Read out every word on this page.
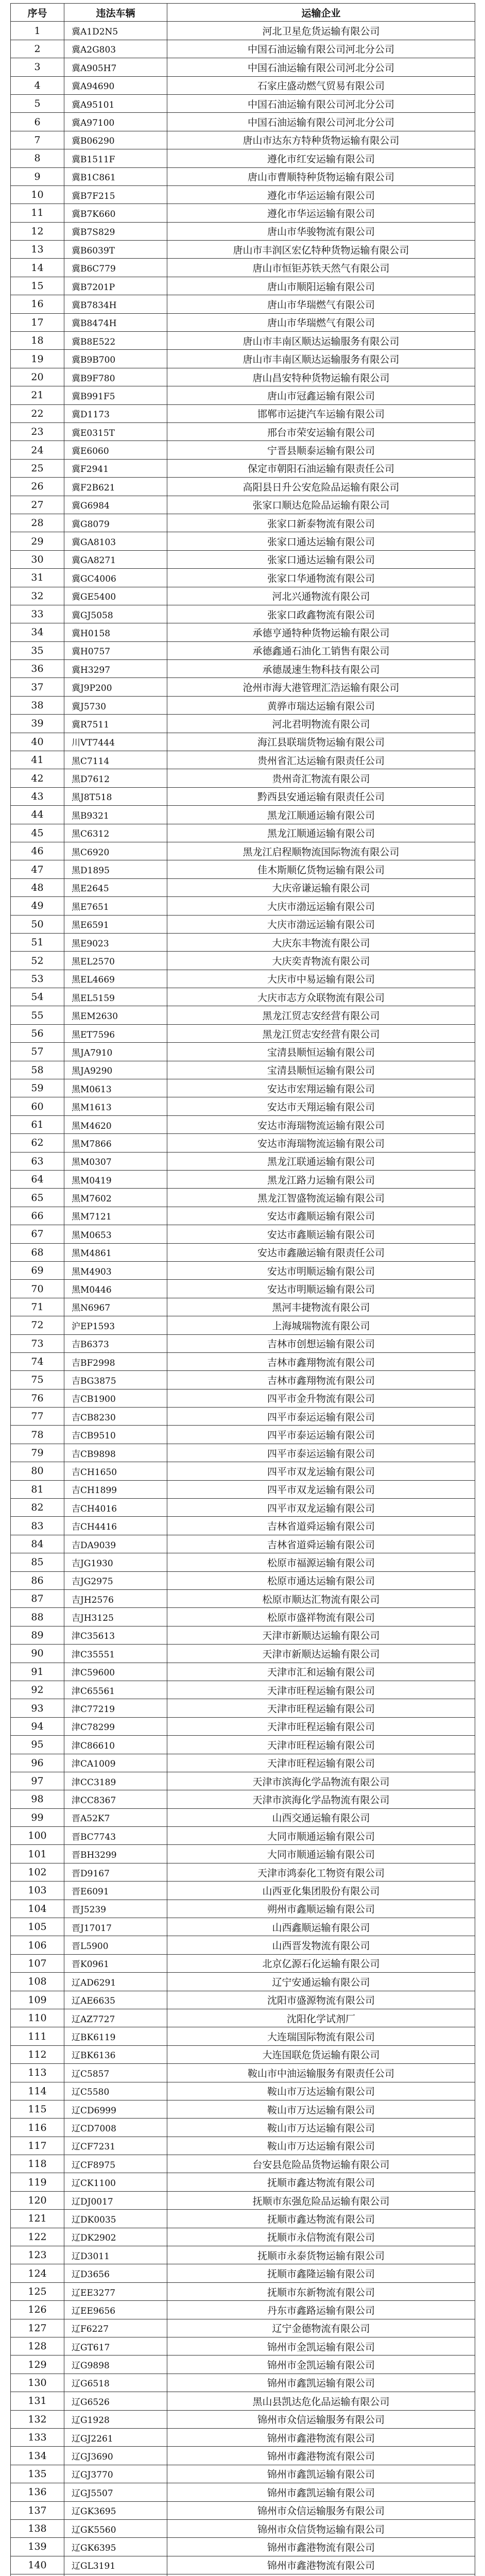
序号	违法车辆	运输企业
1	冀A1D2N5	河北卫星危货运输有限公司
2	冀A2G803	中国石油运输有限公司河北分公司
3	冀A905H7	中国石油运输有限公司河北分公司
4	冀A94690	石家庄盛动燃气贸易有限公司
5	冀A95101	中国石油运输有限公司河北分公司
6	冀A97100	中国石油运输有限公司河北分公司
7	冀B06290	唐山市达东方特种货物运输有限公司
8	冀B1511F	遵化市红安运输有限公司
9	冀B1C861	唐山市曹顺特种货物运输有限公司
10	冀B7F215	遵化市华运运输有限公司
11	冀B7K660	遵化市华运运输有限公司
12	冀B7S829	唐山市华骏物流有限公司
13	冀B6039T	唐山市丰润区宏亿特种货物运输有限公司
14	冀B6C779	唐山市恒钜苏铁天然气有限公司
15	冀B7201P	唐山市顺阳运输有限公司
16	冀B7834H	唐山市华瑞燃气有限公司
17	冀B8474H	唐山市华瑞燃气有限公司
18	冀B8E522	唐山市丰南区顺达运输服务有限公司
19	冀B9B700	唐山市丰南区顺达运输服务有限公司
20	冀B9F780	唐山昌安特种货物运输有限公司
21	冀B991F5	唐山市冠鑫运输有限公司
22	冀D1173	邯郸市运捷汽车运输有限公司
23	冀E0315T	邢台市荣安运输有限公司
24	冀E6060	宁晋县顺泰运输有限公司
25	冀F2941	保定市朝阳石油运输有限责任公司
26	冀F2B621	高阳县日升公安危险品运输有限公司
27	冀G6984	张家口顺达危险品运输有限公司
28	冀G8079	张家口新泰物流有限公司
29	冀GA8103	张家口通达运输有限公司
30	冀GA8271	张家口通达运输有限公司
31	冀GC4006	张家口华通物流有限公司
32	冀GE5400	河北兴通物流有限公司
33	冀GJ5058	张家口政鑫物流有限公司
34	冀H0158	承德亨通特种货物运输有限公司
35	冀H0757	承德鑫通石油化工销售有限公司
36	冀H3297	承德晟速生物科技有限公司
37	冀J9P200	沧州市海大港管理汇浩运输有限公司
38	冀J5730	黄骅市瑞达运输有限公司
39	冀R7511	河北君明物流有限公司
40	川VT7444	海江县联瑞货物运输有限公司
41	黑C7114	贵州省汇达运输有限责任公司
42	黑D7612	贵州奇汇物流有限公司
43	黑J8T518	黔西县安通运输有限责任公司
44	黑B9321	黑龙江顺通运输有限公司
45	黑C6312	黑龙江顺通运输有限公司
46	黑C6920	黑龙江启程顺物流国际物流有限公司
47	黑D1895	佳木斯顺亿货物运输有限公司
48	黑E2645	大庆帝谦运输有限公司
49	黑E7651	大庆市渤远运输有限公司
50	黑E6591	大庆市渤远运输有限公司
51	黑E9023	大庆东丰物流有限公司
52	黑EL2570	大庆奕青物流有限公司
53	黑EL4669	大庆市中易运输有限公司
54	黑EL5159	大庆市志方众联物流有限公司
55	黑EM2630	黑龙江贸志安经营有限公司
56	黑ET7596	黑龙江贸志安经营有限公司
57	黑JA7910	宝清县顺恒运输有限公司
58	黑JA9290	宝清县顺恒运输有限公司
59	黑M0613	安达市宏翔运输有限公司
60	黑M1613	安达市天翔运输有限公司
61	黑M4620	安达市海瑞物流运输有限公司
62	黑M7866	安达市海瑞物流运输有限公司
63	黑M0307	黑龙江联通运输有限公司
64	黑M0419	黑龙江路力运输有限公司
65	黑M7602	黑龙江智盛物流运输有限公司
66	黑M7121	安达市鑫顺运输有限公司
67	黑M0653	安达市鑫顺运输有限公司
68	黑M4861	安达市鑫融运输有限责任公司
69	黑M4903	安达市明顺运输有限公司
70	黑M0446	安达市明顺运输有限公司
71	黑N6967	黑河丰捷物流有限公司
72	沪EP1593	上海城瑞物流有限公司
73	吉B6373	吉林市创想运输有限公司
74	吉BF2998	吉林市鑫翔物流有限公司
75	吉BG3875	吉林市鑫翔物流有限公司
76	吉CB1900	四平市金升物流有限公司
77	吉CB8230	四平市泰运运输有限公司
78	吉CB9510	四平市泰运运输有限公司
79	吉CB9898	四平市泰运运输有限公司
80	吉CH1650	四平市双龙运输有限公司
81	吉CH1899	四平市双龙运输有限公司
82	吉CH4016	四平市双龙运输有限公司
83	吉CH4416	吉林省道舜运输有限公司
84	吉DA9039	吉林省道舜运输有限公司
85	吉JG1930	松原市福源运输有限公司
86	吉JG2975	松原市通达运输有限公司
87	吉JH2576	松原市顺达汇物流有限公司
88	吉JH3125	松原市盛祥物流有限公司
89	津C35613	天津市新顺达运输有限公司
90	津C35551	天津市新顺达运输有限公司
91	津C59600	天津市汇和运输有限公司
92	津C65561	天津市旺程运输有限公司
93	津C77219	天津市旺程运输有限公司
94	津C78299	天津市旺程运输有限公司
95	津C86610	天津市旺程运输有限公司
96	津CA1009	天津市旺程运输有限公司
97	津CC3189	天津市滨海化学品物流有限公司
98	津CC8367	天津市滨海化学品物流有限公司
99	晋A52K7	山西交通运输有限公司
100	晋BC7743	大同市顺通运输有限公司
101	晋BH3299	大同市顺通运输有限公司
102	晋D9167	天津市鸿泰化工物资有限公司
103	晋E6091	山西亚化集团股份有限公司
104	晋J5239	朔州市鑫顺运输有限公司
105	晋J17017	山西鑫顺运输有限公司
106	晋L5900	山西晋发物流有限公司
107	晋K0961	北京亿源石化运输有限公司
108	辽AD6291	辽宁安通运输有限公司
109	辽AE6635	沈阳市盛源物流有限公司
110	辽AZ7727	沈阳化学试剂厂
111	辽BK6119	大连瑞国际物流有限公司
112	辽BK6136	大连国联危货运输有限公司
113	辽C5857	鞍山市中油运输服务有限责任公司
114	辽C5580	鞍山市万达运输有限公司
115	辽CD6999	鞍山市万达运输有限公司
116	辽CD7008	鞍山市万达运输有限公司
117	辽CF7231	鞍山市万达运输有限公司
118	辽CF8975	台安县危险品货物运输有限公司
119	辽CK1100	抚顺市鑫达物流有限公司
120	辽DJ0017	抚顺市东强危险品运输有限公司
121	辽DK0035	抚顺市鑫达物流有限公司
122	辽DK2902	抚顺市永信物流有限公司
123	辽D3011	抚顺市永泰货物运输有限公司
124	辽D3656	抚顺市鑫隆运输有限公司
125	辽EE3277	抚顺市东新物流有限公司
126	辽EE9656	丹东市鑫路运输有限公司
127	辽F6227	辽宁金德物流有限公司
128	辽GT617	锦州市金凯运输有限公司
129	辽G9898	锦州市金凯运输有限公司
130	辽G6518	锦州市鑫凯运输有限公司
131	辽G6526	黑山县凯达危化品运输有限公司
132	辽G1928	锦州市众信运输服务有限公司
133	辽GJ2261	锦州市鑫港物流有限公司
134	辽GJ3690	锦州市鑫港物流有限公司
135	辽GJ3770	锦州市鑫凯运输有限公司
136	辽GJ5507	锦州市鑫凯运输有限公司
137	辽GK3695	锦州市众信运输服务有限公司
138	辽GK5560	锦州市众信货物运输有限公司
139	辽GK6395	锦州市鑫港物流有限公司
140	辽GL3191	锦州市鑫港物流有限公司
